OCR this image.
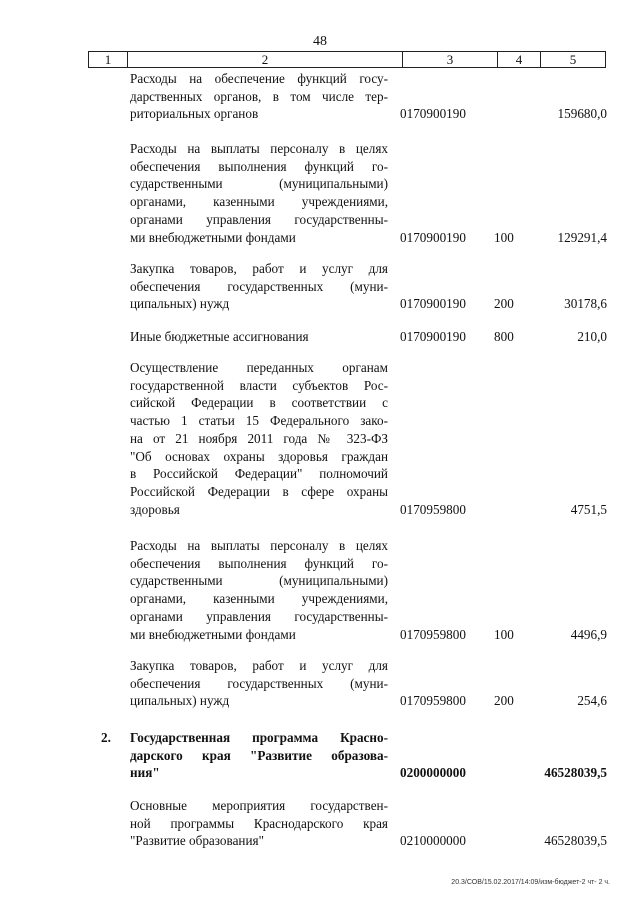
48
1	2	3	4	5
Расходы на обеспечение функций госу-
дарственных органов, в том числе тер-
риториальных органов	0170900190	159680,0
Расходы на выплаты персоналу в целях
обеспечения выполнения функций го-
сударственными (муниципальными)
органами, казенными учреждениями,
органами управления государственны-
ми внебюджетными фондами	0170900190 100	129291,4
Закупка товаров, работ и услуг для
обеспечения государственных (муни-
ципальных) нужд	0170900190 200	30178,6
Иные бюджетные ассигнования	0170900190 800	210,0
Осуществление переданных органам
государственной власти субъектов Рос-
сийской Федерации в соответствии с
частью 1 статьи 15 Федерального зако-
на от 21 ноября 2011 года № 323-ФЗ
"Об основах охраны здоровья граждан
в Российской Федерации" полномочий
Российской Федерации в сфере охраны
здоровья	0170959800	4751,5
Расходы на выплаты персоналу в целях
обеспечения выполнения функций го-
сударственными (муниципальными)
органами, казенными учреждениями,
органами управления государственны-
ми внебюджетными фондами	0170959800 100	4496,9
Закупка товаров, работ и услуг для
обеспечения государственных (муни-
ципальных) нужд	0170959800 200	254,6
2. Государственная программа Красно-
дарского края "Развитие образова-
ния"	0200000000	46528039,5
Основные мероприятия государствен-
ной программы Краснодарского края
"Развитие образования"	0210000000	46528039,5
20.3/СОВ/15.02.2017/14:09/изм-бюджет-2 чт- 2 ч.
